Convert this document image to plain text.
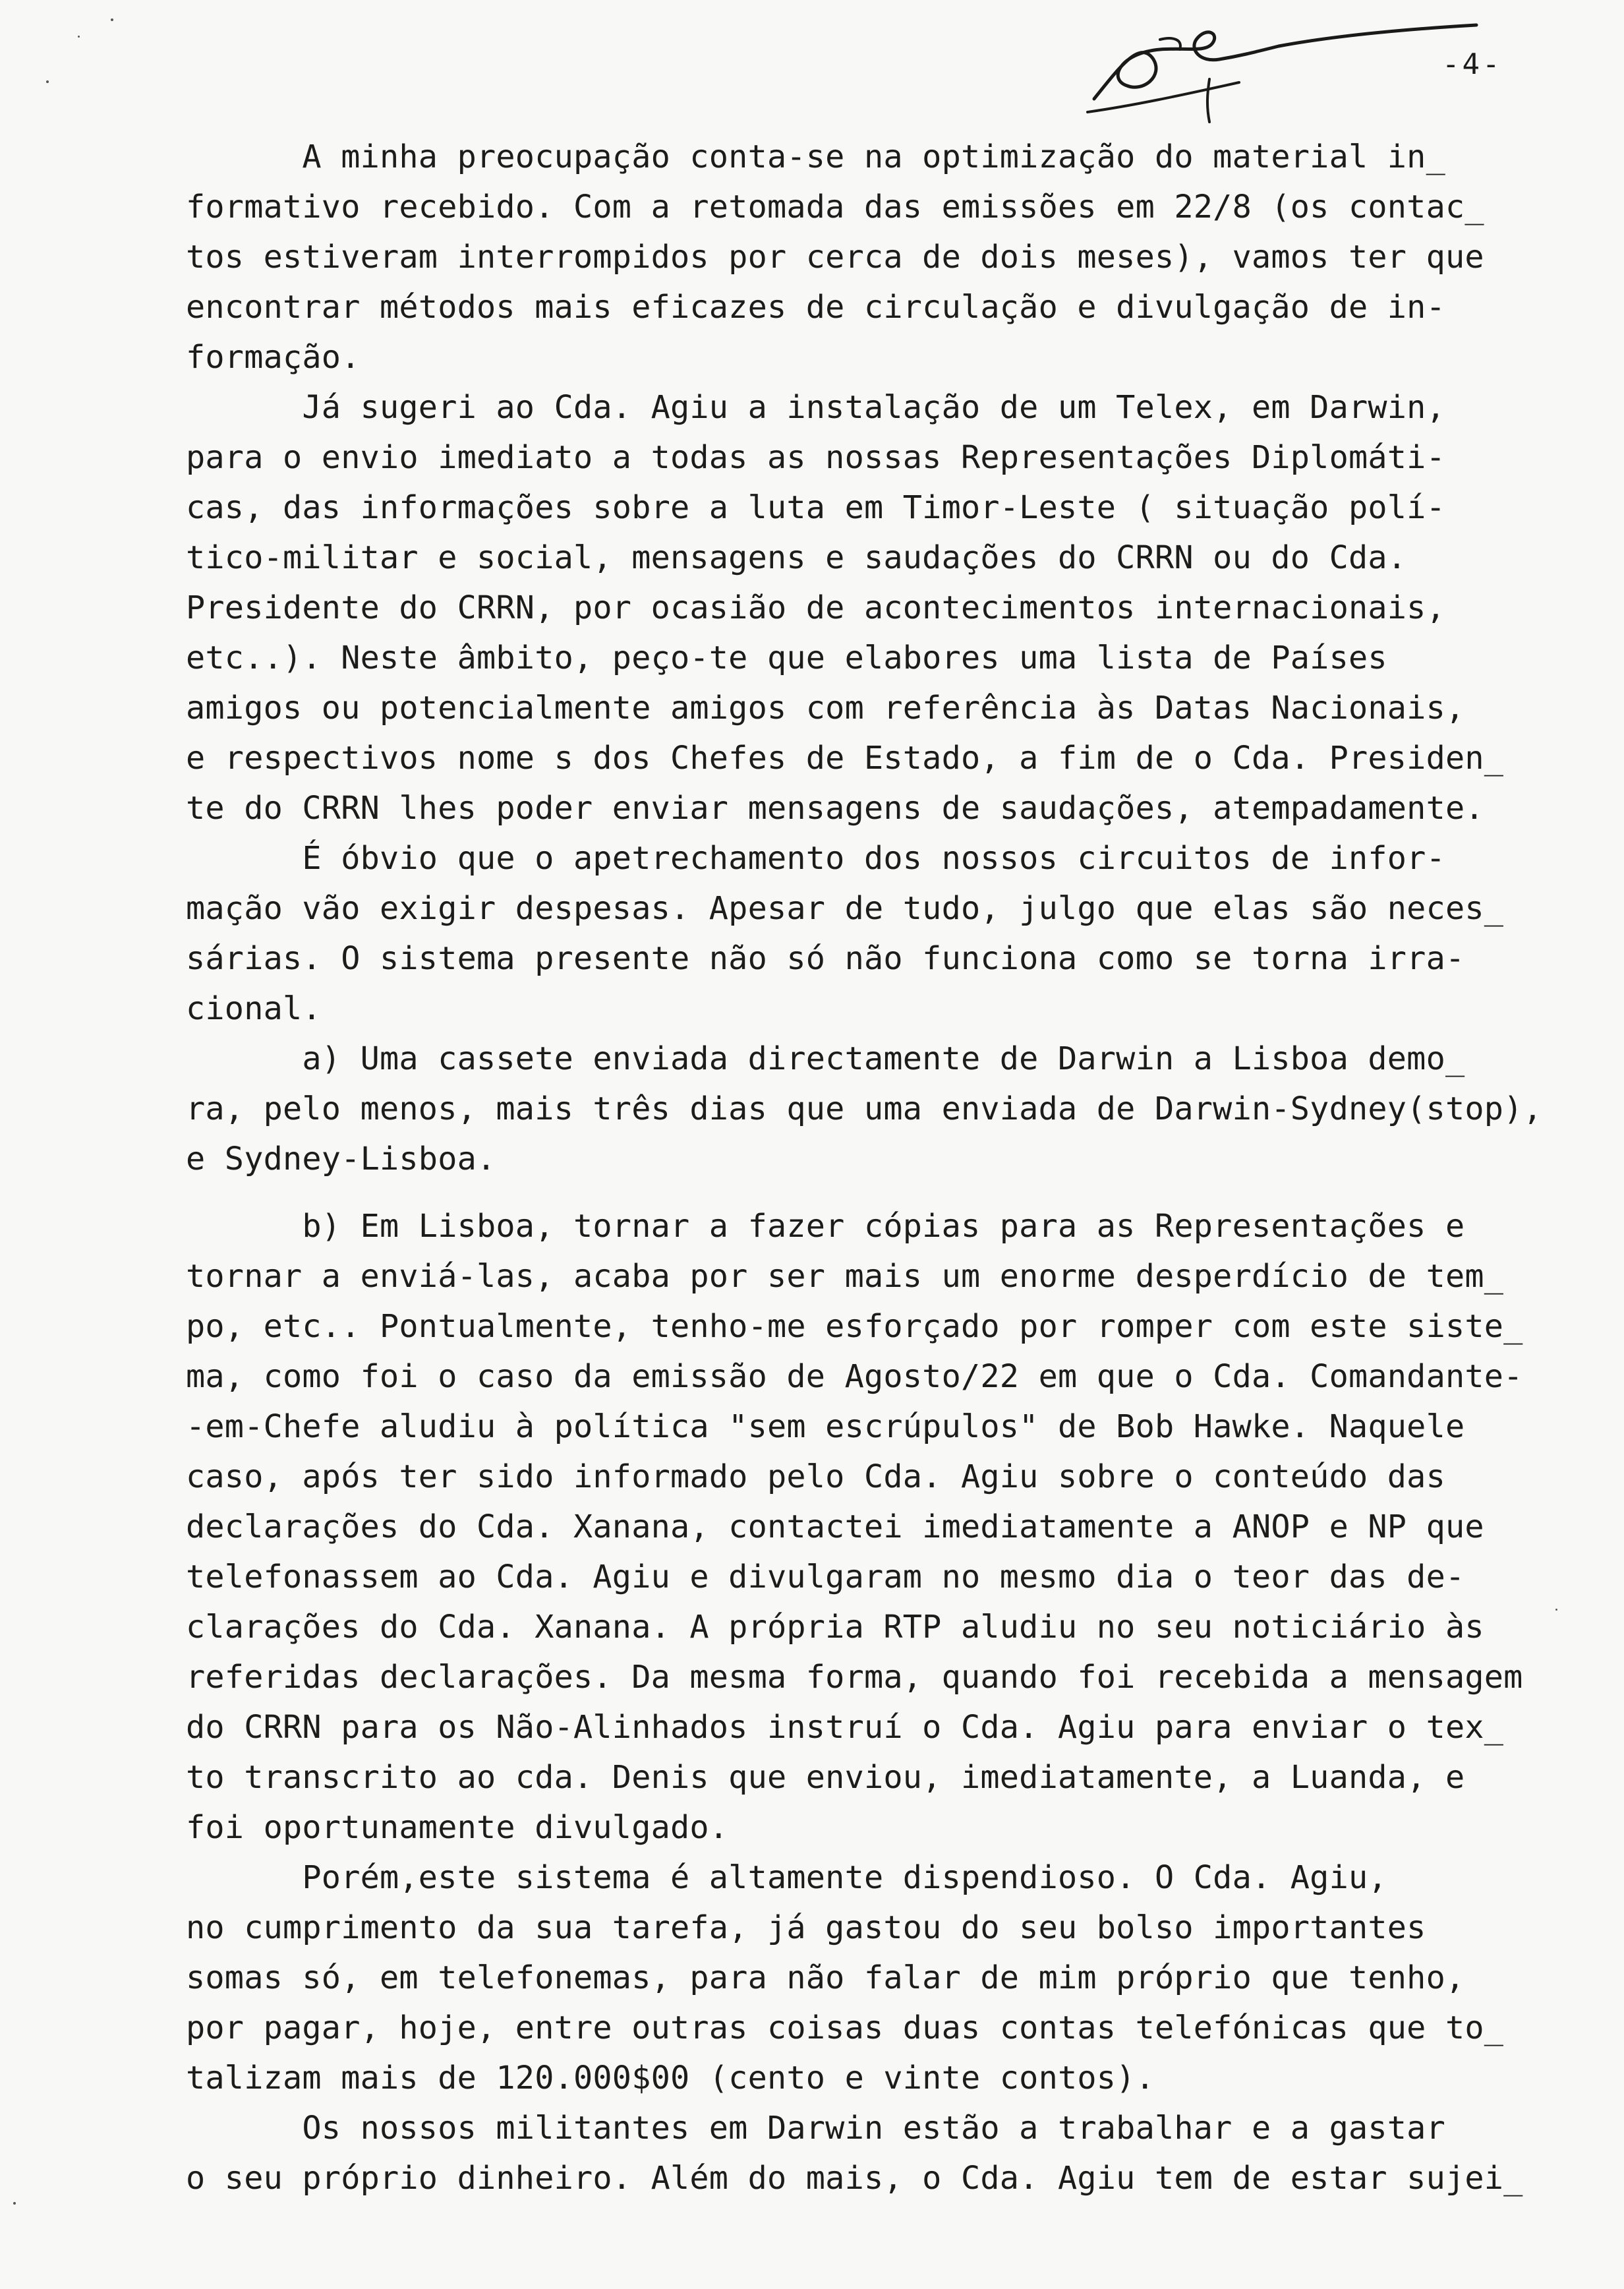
-4-
A minha preocupação conta-se na optimização do material in_
formativo recebido. Com a retomada das emissões em 22/8 (os contac_
tos estiveram interrompidos por cerca de dois meses), vamos ter que
encontrar métodos mais eficazes de circulação e divulgação de in-
formação.
Já sugeri ao Cda. Agiu a instalação de um Telex, em Darwin,
para o envio imediato a todas as nossas Representações Diplomáti-
cas, das informações sobre a luta em Timor-Leste ( situação polí-
tico-militar e social, mensagens e saudações do CRRN ou do Cda.
Presidente do CRRN, por ocasião de acontecimentos internacionais,
etc..). Neste âmbito, peço-te que elabores uma lista de Países
amigos ou potencialmente amigos com referência às Datas Nacionais,
e respectivos nome s dos Chefes de Estado, a fim de o Cda. Presiden_
te do CRRN lhes poder enviar mensagens de saudações, atempadamente.
É óbvio que o apetrechamento dos nossos circuitos de infor-
mação vão exigir despesas. Apesar de tudo, julgo que elas são neces_
sárias. O sistema presente não só não funciona como se torna irra-
cional.
a) Uma cassete enviada directamente de Darwin a Lisboa demo_
ra, pelo menos, mais três dias que uma enviada de Darwin-Sydney(stop),
e Sydney-Lisboa.
b) Em Lisboa, tornar a fazer cópias para as Representações e
tornar a enviá-las, acaba por ser mais um enorme desperdício de tem_
po, etc.. Pontualmente, tenho-me esforçado por romper com este siste_
ma, como foi o caso da emissão de Agosto/22 em que o Cda. Comandante-
-em-Chefe aludiu à política "sem escrúpulos" de Bob Hawke. Naquele
caso, após ter sido informado pelo Cda. Agiu sobre o conteúdo das
declarações do Cda. Xanana, contactei imediatamente a ANOP e NP que
telefonassem ao Cda. Agiu e divulgaram no mesmo dia o teor das de-
clarações do Cda. Xanana. A própria RTP aludiu no seu noticiário às
referidas declarações. Da mesma forma, quando foi recebida a mensagem
do CRRN para os Não-Alinhados instruí o Cda. Agiu para enviar o tex_
to transcrito ao cda. Denis que enviou, imediatamente, a Luanda, e
foi oportunamente divulgado.
Porém,este sistema é altamente dispendioso. O Cda. Agiu,
no cumprimento da sua tarefa, já gastou do seu bolso importantes
somas só, em telefonemas, para não falar de mim próprio que tenho,
por pagar, hoje, entre outras coisas duas contas telefónicas que to_
talizam mais de 120.000$00 (cento e vinte contos).
Os nossos militantes em Darwin estão a trabalhar e a gastar
o seu próprio dinheiro. Além do mais, o Cda. Agiu tem de estar sujei_
